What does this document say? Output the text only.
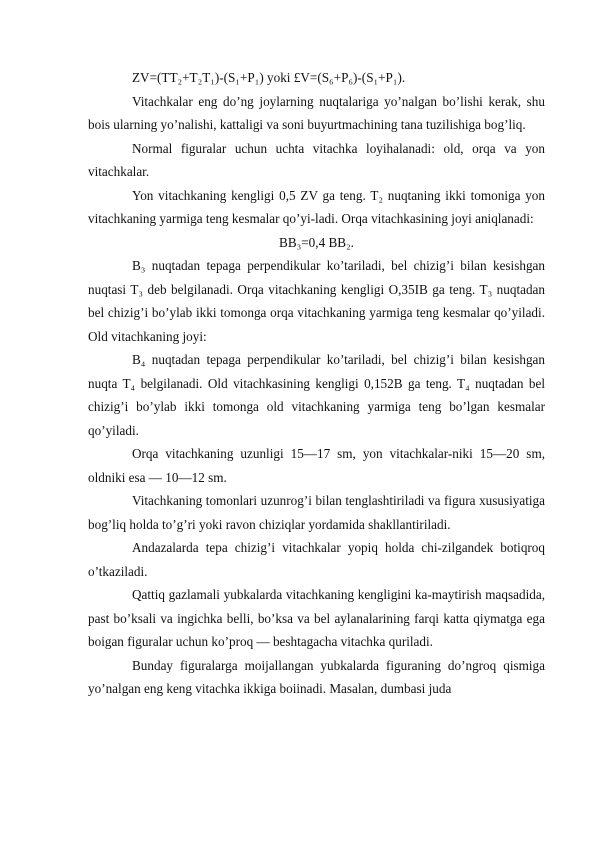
ZV=(TT₂+T₂T₁)-(S₁+P₁) yoki £V=(S₆+P₆)-(S₁+P₁).

Vitachkalar eng do’ng joylarning nuqtalariga yo’nalgan bo’lishi kerak, shu bois ularning yo’nalishi, kattaligi va soni buyurtmachining tana tuzilishiga bog’liq.

Normal figuralar uchun uchta vitachka loyihalanadi: old, orqa va yon vitachkalar.

Yon vitachkaning kengligi 0,5 ZV ga teng. T₂ nuqtaning ikki tomoniga yon vitachkaning yarmiga teng kesmalar qo’yi-ladi. Orqa vitachkasining joyi aniqlanadi:

BB₃=0,4 BB₂.

B₃ nuqtadan tepaga perpendikular ko’tariladi, bel chizig’i bilan kesishgan nuqtasi T₃ deb belgilanadi. Orqa vitachkaning kengligi O,35IB ga teng. T₃ nuqtadan bel chizig’i bo’ylab ikki tomonga orqa vitachkaning yarmiga teng kesmalar qo’yiladi. Old vitachkaning joyi:

B₄ nuqtadan tepaga perpendikular ko’tariladi, bel chizig’i bilan kesishgan nuqta T₄ belgilanadi. Old vitachkasining kengligi 0,152B ga teng. T₄ nuqtadan bel chizig’i bo’ylab ikki tomonga old vitachkaning yarmiga teng bo’lgan kesmalar qo’yiladi.

Orqa vitachkaning uzunligi 15—17 sm, yon vitachkalar-niki 15—20 sm, oldniki esa — 10—12 sm.

Vitachkaning tomonlari uzunrog’i bilan tenglashtiriladi va figura xususiyatiga bog’liq holda to’g’ri yoki ravon chiziqlar yordamida shakllantiriladi.

Andazalarda tepa chizig’i vitachkalar yopiq holda chi-zilgandek botiqroq o’tkaziladi.

Qattiq gazlamali yubkalarda vitachkaning kengligini ka-maytirish maqsadida, past bo’ksali va ingichka belli, bo’ksa va bel aylanalarining farqi katta qiymatga ega boigan figuralar uchun ko’proq — beshtagacha vitachka quriladi.

Bunday figuralarga moijallangan yubkalarda figuraning do’ngroq qismiga yo’nalgan eng keng vitachka ikkiga boiinadi. Masalan, dumbasi juda
